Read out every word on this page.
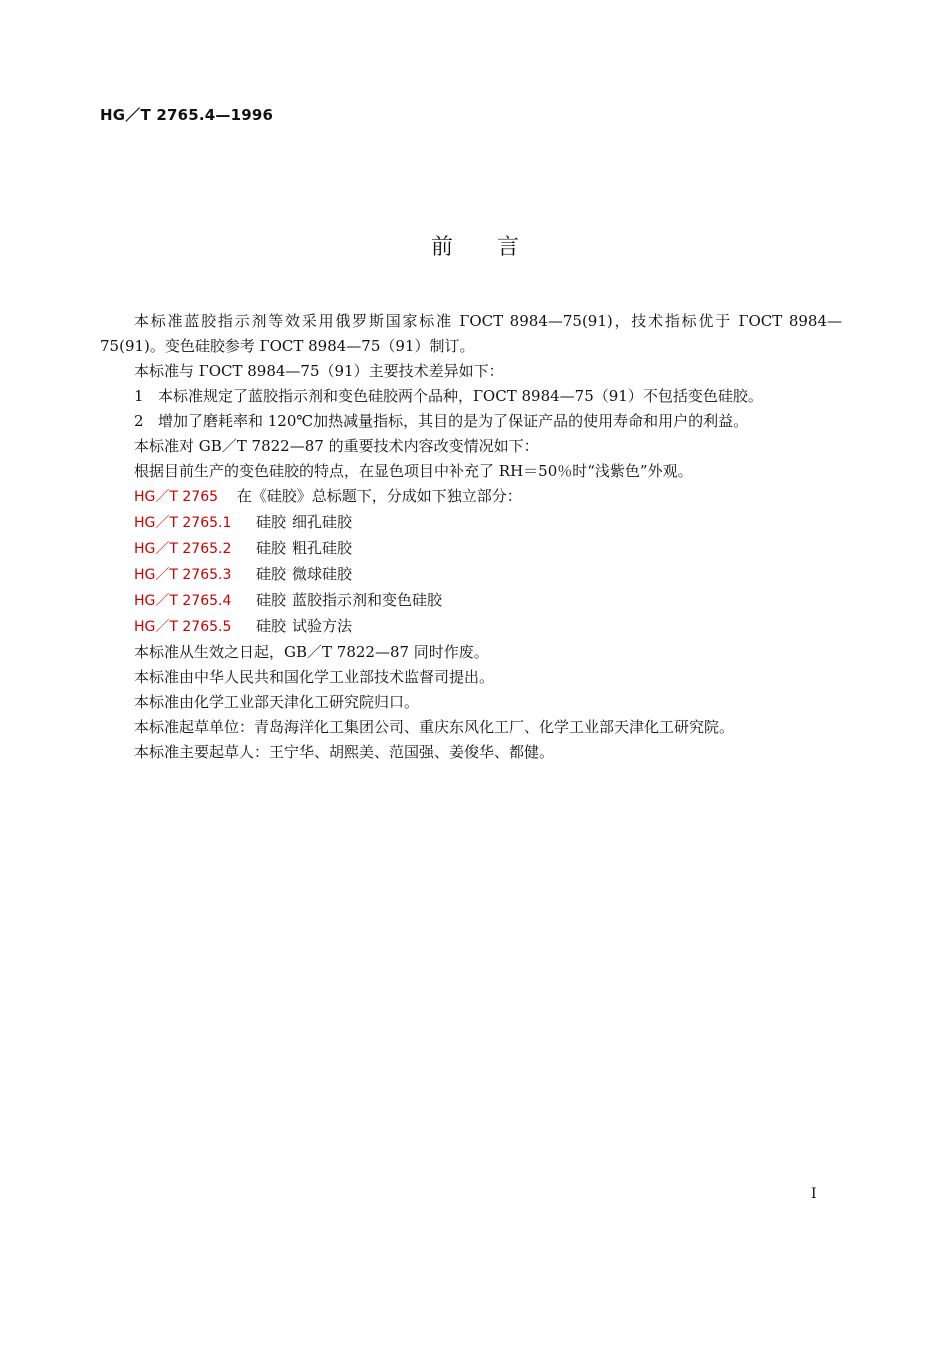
HG／T 2765.4—1996
前言
本标准蓝胶指示剂等效采用俄罗斯国家标准 ГОСТ 8984—75(91)，技术指标优于 ГОСТ 8984—75(91)。变色硅胶参考 ГОСТ 8984—75（91）制订。
本标准与 ГОСТ 8984—75（91）主要技术差异如下：
1 本标准规定了蓝胶指示剂和变色硅胶两个品种，ГОСТ 8984—75（91）不包括变色硅胶。
2 增加了磨耗率和 120℃加热减量指标，其目的是为了保证产品的使用寿命和用户的利益。
本标准对 GB／T 7822—87 的重要技术内容改变情况如下：
根据目前生产的变色硅胶的特点，在显色项目中补充了 RH＝50％时“浅紫色”外观。
HG／T 2765 在《硅胶》总标题下，分成如下独立部分：
HG／T 2765.1 硅胶 细孔硅胶
HG／T 2765.2 硅胶 粗孔硅胶
HG／T 2765.3 硅胶 微球硅胶
HG／T 2765.4 硅胶 蓝胶指示剂和变色硅胶
HG／T 2765.5 硅胶 试验方法
本标准从生效之日起，GB／T 7822—87 同时作废。
本标准由中华人民共和国化学工业部技术监督司提出。
本标准由化学工业部天津化工研究院归口。
本标准起草单位：青岛海洋化工集团公司、重庆东风化工厂、化学工业部天津化工研究院。
本标准主要起草人：王宁华、胡熙美、范国强、姜俊华、都健。
I
